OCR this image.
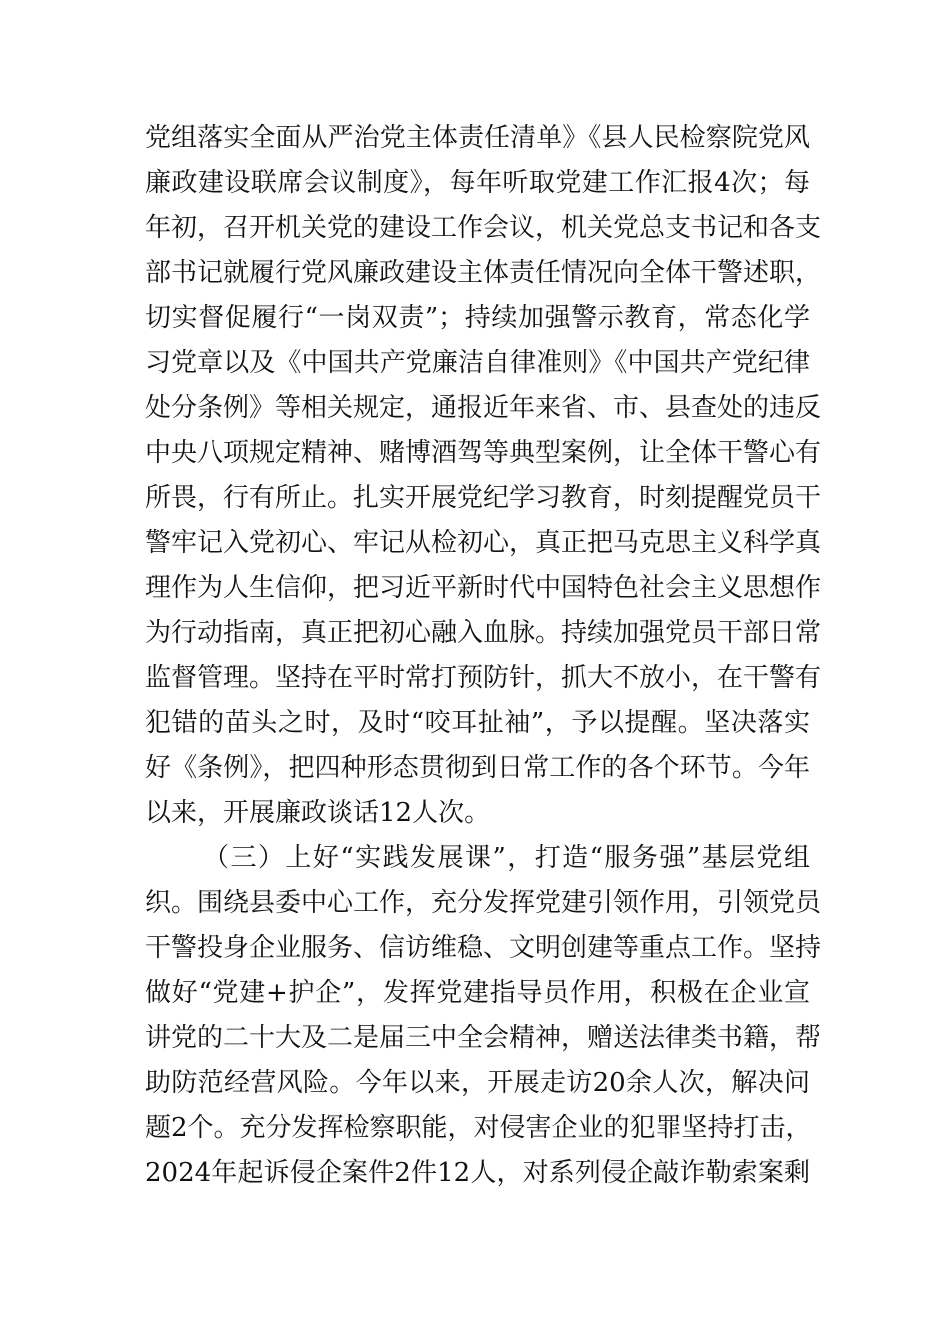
党组落实全面从严治党主体责任清单》《县人民检察院党风
廉政建设联席会议制度》，每年听取党建工作汇报4次；每
年初，召开机关党的建设工作会议，机关党总支书记和各支
部书记就履行党风廉政建设主体责任情况向全体干警述职，
切实督促履行“一岗双责”；持续加强警示教育，常态化学
习党章以及《中国共产党廉洁自律准则》《中国共产党纪律
处分条例》等相关规定，通报近年来省、市、县查处的违反
中央八项规定精神、赌博酒驾等典型案例，让全体干警心有
所畏，行有所止。扎实开展党纪学习教育，时刻提醒党员干
警牢记入党初心、牢记从检初心，真正把马克思主义科学真
理作为人生信仰，把习近平新时代中国特色社会主义思想作
为行动指南，真正把初心融入血脉。持续加强党员干部日常
监督管理。坚持在平时常打预防针，抓大不放小，在干警有
犯错的苗头之时，及时“咬耳扯袖”，予以提醒。坚决落实
好《条例》，把四种形态贯彻到日常工作的各个环节。今年
以来，开展廉政谈话12人次。
（三）上好“实践发展课”，打造“服务强”基层党组
织。围绕县委中心工作，充分发挥党建引领作用，引领党员
干警投身企业服务、信访维稳、文明创建等重点工作。坚持
做好“党建+护企”，发挥党建指导员作用，积极在企业宣
讲党的二十大及二是届三中全会精神，赠送法律类书籍，帮
助防范经营风险。今年以来，开展走访20余人次，解决问
题2个。充分发挥检察职能，对侵害企业的犯罪坚持打击，
2024年起诉侵企案件2件12人，对系列侵企敲诈勒索案剩
